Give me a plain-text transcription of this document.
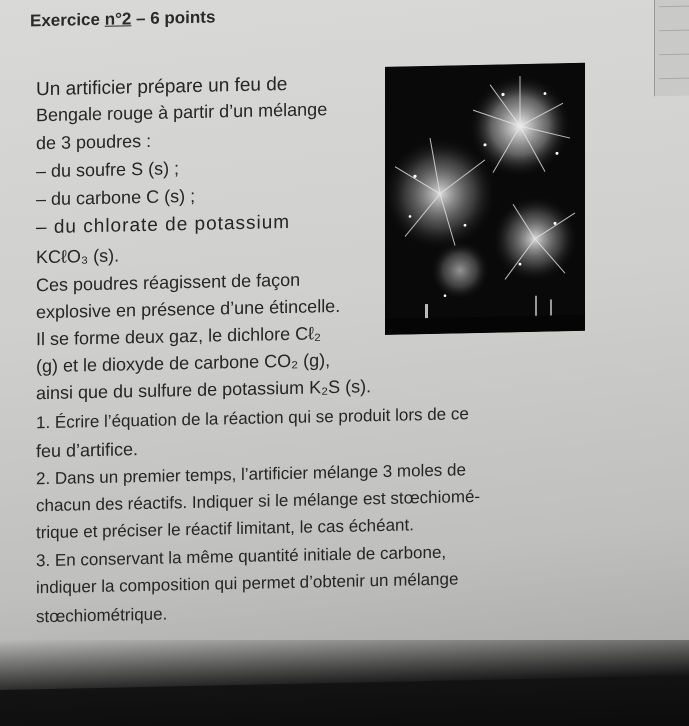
Exercice n°2 – 6 points
Un artificier prépare un feu de
Bengale rouge à partir d’un mélange
de 3 poudres :
– du soufre S (s) ;
– du carbone C (s) ;
– du chlorate de potassium
KCℓO₃ (s).
Ces poudres réagissent de façon
explosive en présence d’une étincelle.
Il se forme deux gaz, le dichlore Cℓ₂
(g) et le dioxyde de carbone CO₂ (g),
ainsi que du sulfure de potassium K₂S (s).
1. Écrire l’équation de la réaction qui se produit lors de ce
feu d’artifice.
2. Dans un premier temps, l’artificier mélange 3 moles de
chacun des réactifs. Indiquer si le mélange est stœchiomé-
trique et préciser le réactif limitant, le cas échéant.
3. En conservant la même quantité initiale de carbone,
indiquer la composition qui permet d’obtenir un mélange
stœchiométrique.
